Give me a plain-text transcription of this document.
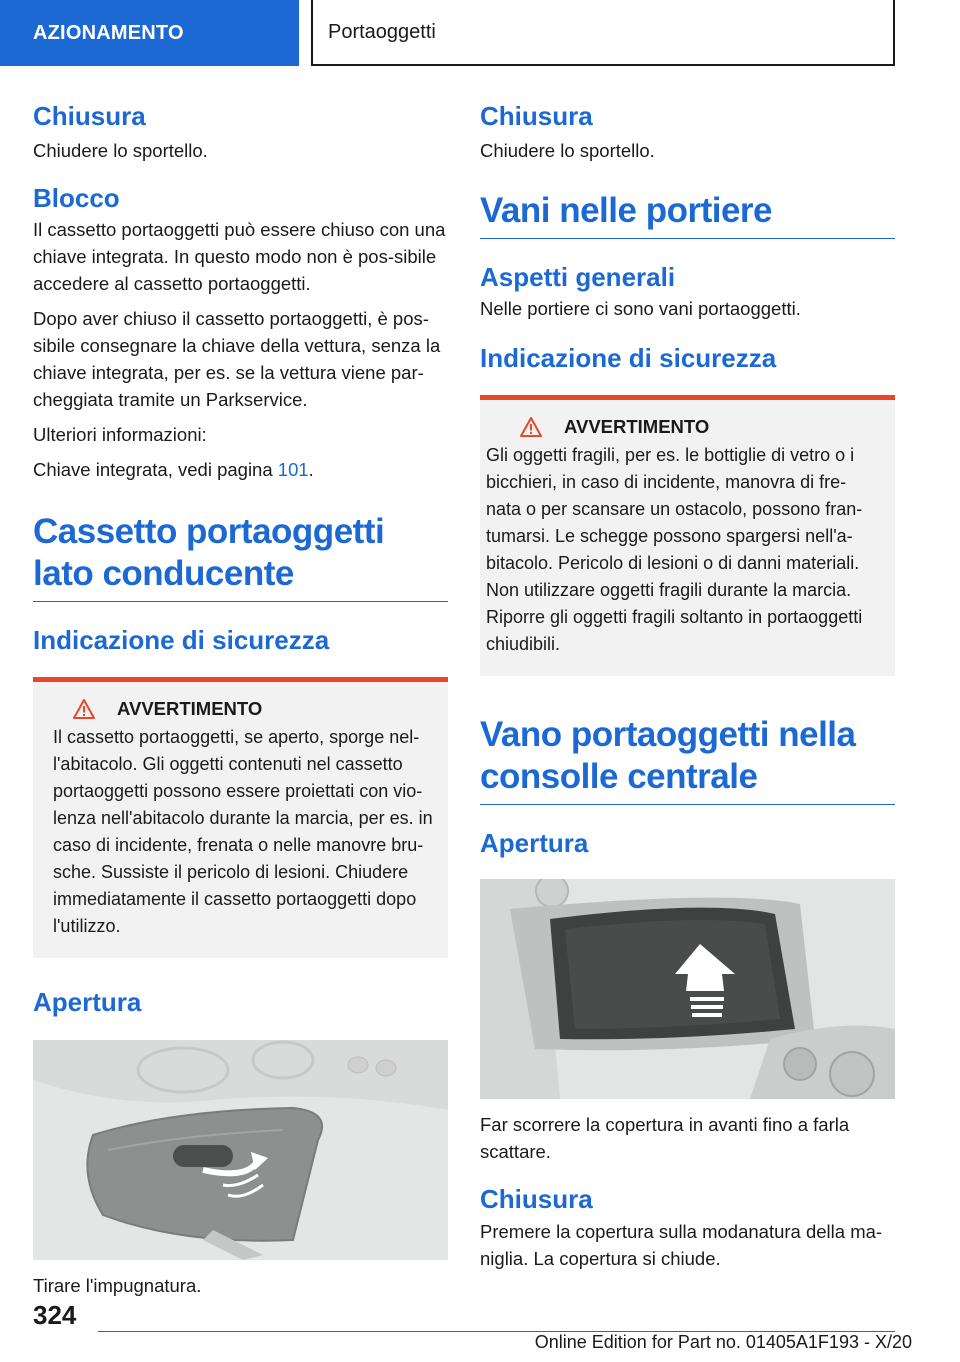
AZIONAMENTO	Portaoggetti
Chiusura

Chiudere lo sportello.

Blocco

Il cassetto portaoggetti può essere chiuso con una chiave integrata. In questo modo non è pos-sibile accedere al cassetto portaoggetti.

Dopo aver chiuso il cassetto portaoggetti, è pos-sibile consegnare la chiave della vettura, senza la chiave integrata, per es. se la vettura viene par-cheggiata tramite un Parkservice.

Ulteriori informazioni:

Chiave integrata, vedi pagina 101.

Cassetto portaoggetti lato conducente
Indicazione di sicurezza
AVVERTIMENTO

Il cassetto portaoggetti, se aperto, sporge nel-l'abitacolo. Gli oggetti contenuti nel cassetto portaoggetti possono essere proiettati con vio-lenza nell'abitacolo durante la marcia, per es. in caso di incidente, frenata o nelle manovre bru-sche. Sussiste il pericolo di lesioni. Chiudere immediatamente il cassetto portaoggetti dopo l'utilizzo.

Apertura

Tirare l'impugnatura.

Chiusura

Chiudere lo sportello.

Vani nelle portiere
Aspetti generali

Nelle portiere ci sono vani portaoggetti.

Indicazione di sicurezza
AVVERTIMENTO

Gli oggetti fragili, per es. le bottiglie di vetro o i bicchieri, in caso di incidente, manovra di fre-nata o per scansare un ostacolo, possono fran-tumarsi. Le schegge possono spargersi nell'a-bitacolo. Pericolo di lesioni o di danni materiali. Non utilizzare oggetti fragili durante la marcia. Riporre gli oggetti fragili soltanto in portaoggetti chiudibili.

Vano portaoggetti nella consolle centrale
Apertura

Far scorrere la copertura in avanti fino a farla scattare.

Chiusura

Premere la copertura sulla modanatura della ma-niglia. La copertura si chiude.

324
Online Edition for Part no. 01405A1F193 - X/20
